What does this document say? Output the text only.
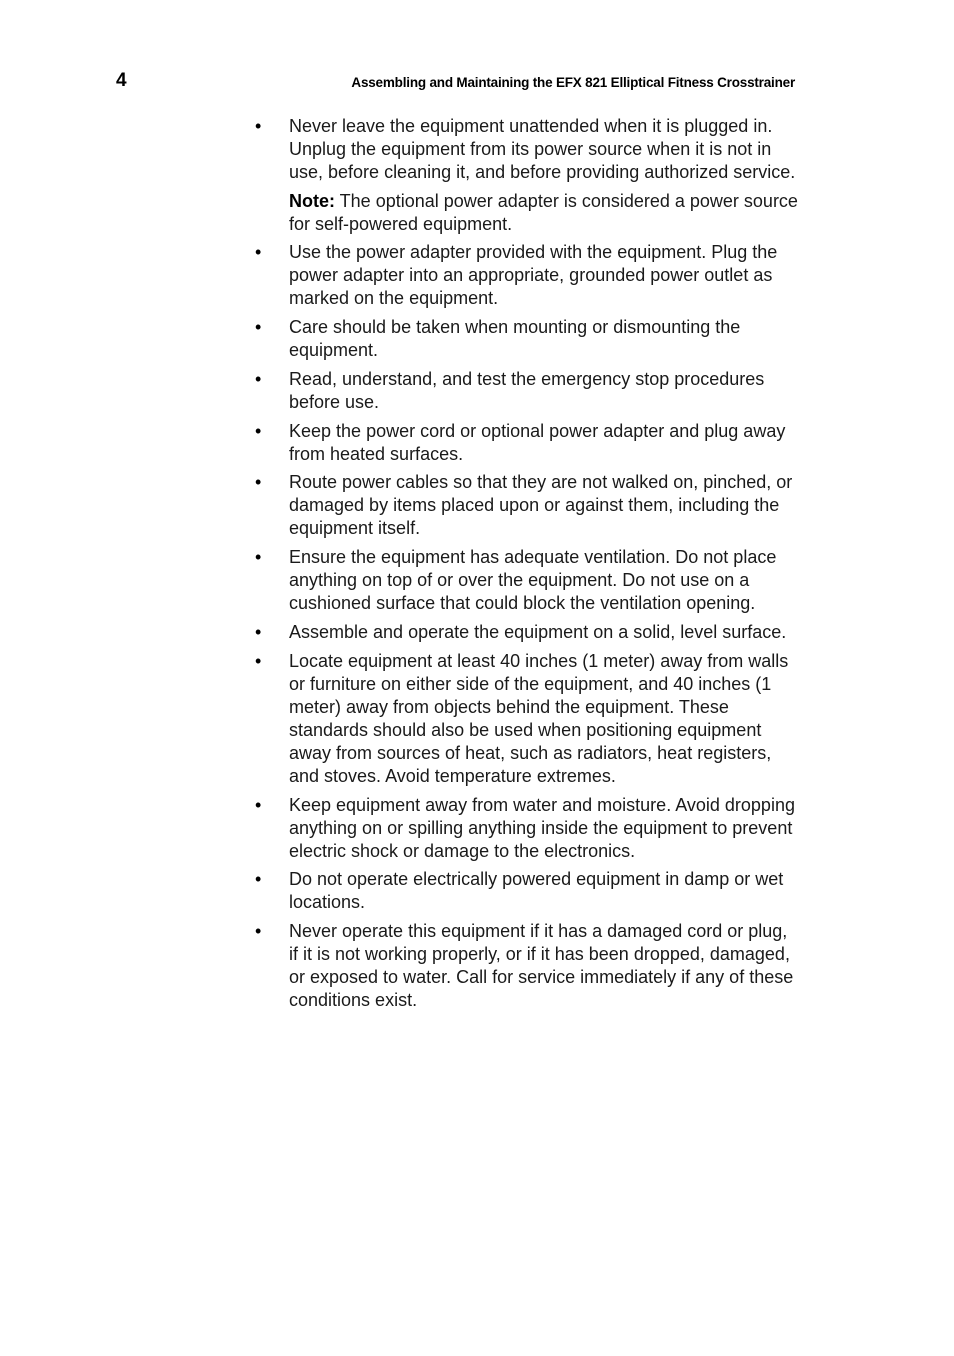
4	Assembling and Maintaining the EFX 821 Elliptical Fitness Crosstrainer
• Never leave the equipment unattended when it is plugged in. Unplug the equipment from its power source when it is not in use, before cleaning it, and before providing authorized service.
Note: The optional power adapter is considered a power source for self-powered equipment.
• Use the power adapter provided with the equipment. Plug the power adapter into an appropriate, grounded power outlet as marked on the equipment.
• Care should be taken when mounting or dismounting the equipment.
• Read, understand, and test the emergency stop procedures before use.
• Keep the power cord or optional power adapter and plug away from heated surfaces.
• Route power cables so that they are not walked on, pinched, or damaged by items placed upon or against them, including the equipment itself.
• Ensure the equipment has adequate ventilation. Do not place anything on top of or over the equipment. Do not use on a cushioned surface that could block the ventilation opening.
• Assemble and operate the equipment on a solid, level surface.
• Locate equipment at least 40 inches (1 meter) away from walls or furniture on either side of the equipment, and 40 inches (1 meter) away from objects behind the equipment. These standards should also be used when positioning equipment away from sources of heat, such as radiators, heat registers, and stoves. Avoid temperature extremes.
• Keep equipment away from water and moisture. Avoid dropping anything on or spilling anything inside the equipment to prevent electric shock or damage to the electronics.
• Do not operate electrically powered equipment in damp or wet locations.
• Never operate this equipment if it has a damaged cord or plug, if it is not working properly, or if it has been dropped, damaged, or exposed to water. Call for service immediately if any of these conditions exist.
